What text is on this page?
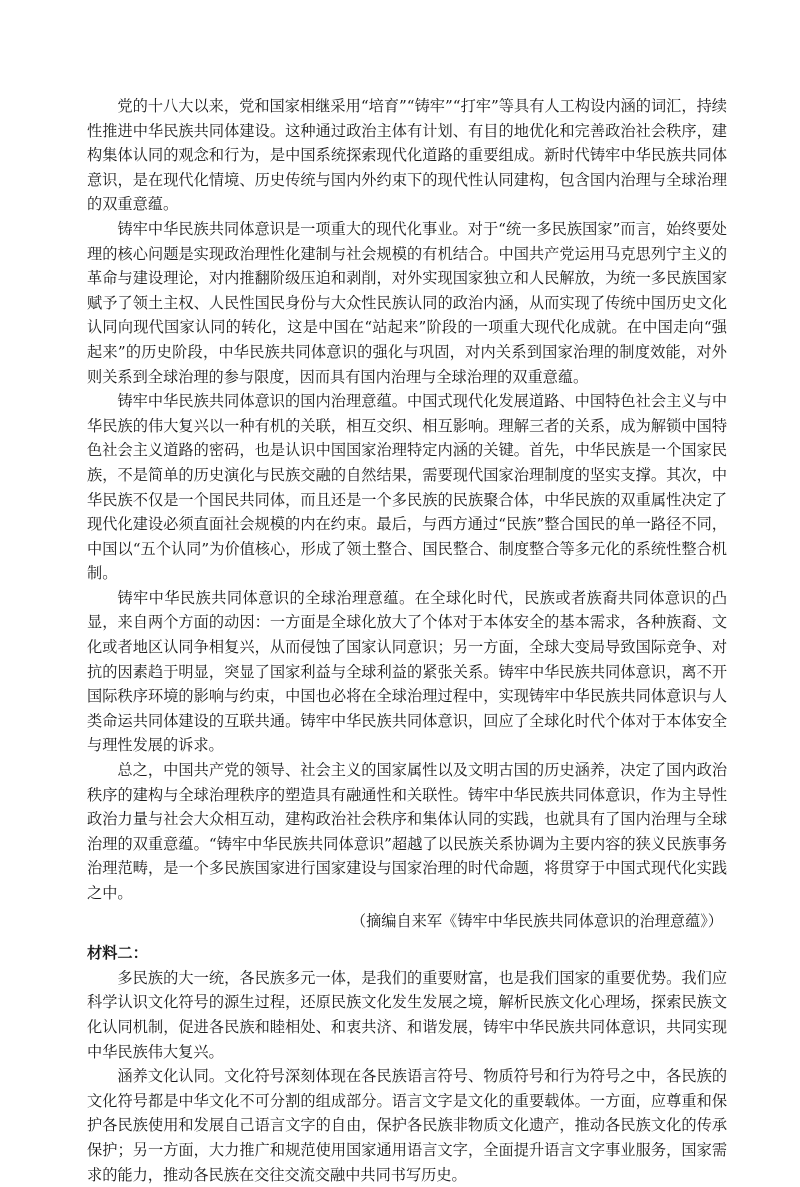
党的十八大以来，党和国家相继采用“培育”“铸牢”“打牢”等具有人工构设内涵的词汇，持续性推进中华民族共同体建设。这种通过政治主体有计划、有目的地优化和完善政治社会秩序，建构集体认同的观念和行为，是中国系统探索现代化道路的重要组成。新时代铸牢中华民族共同体意识，是在现代化情境、历史传统与国内外约束下的现代性认同建构，包含国内治理与全球治理的双重意蕴。

铸牢中华民族共同体意识是一项重大的现代化事业。对于“统一多民族国家”而言，始终要处理的核心问题是实现政治理性化建制与社会规模的有机结合。中国共产党运用马克思列宁主义的革命与建设理论，对内推翻阶级压迫和剥削，对外实现国家独立和人民解放，为统一多民族国家赋予了领土主权、人民性国民身份与大众性民族认同的政治内涵，从而实现了传统中国历史文化认同向现代国家认同的转化，这是中国在“站起来”阶段的一项重大现代化成就。在中国走向“强起来”的历史阶段，中华民族共同体意识的强化与巩固，对内关系到国家治理的制度效能，对外则关系到全球治理的参与限度，因而具有国内治理与全球治理的双重意蕴。

铸牢中华民族共同体意识的国内治理意蕴。中国式现代化发展道路、中国特色社会主义与中华民族的伟大复兴以一种有机的关联，相互交织、相互影响。理解三者的关系，成为解锁中国特色社会主义道路的密码，也是认识中国国家治理特定内涵的关键。首先，中华民族是一个国家民族，不是简单的历史演化与民族交融的自然结果，需要现代国家治理制度的坚实支撑。其次，中华民族不仅是一个国民共同体，而且还是一个多民族的民族聚合体，中华民族的双重属性决定了现代化建设必须直面社会规模的内在约束。最后，与西方通过“民族”整合国民的单一路径不同，中国以“五个认同”为价值核心，形成了领土整合、国民整合、制度整合等多元化的系统性整合机制。

铸牢中华民族共同体意识的全球治理意蕴。在全球化时代，民族或者族裔共同体意识的凸显，来自两个方面的动因：一方面是全球化放大了个体对于本体安全的基本需求，各种族裔、文化或者地区认同争相复兴，从而侵蚀了国家认同意识；另一方面，全球大变局导致国际竞争、对抗的因素趋于明显，突显了国家利益与全球利益的紧张关系。铸牢中华民族共同体意识，离不开国际秩序环境的影响与约束，中国也必将在全球治理过程中，实现铸牢中华民族共同体意识与人类命运共同体建设的互联共通。铸牢中华民族共同体意识，回应了全球化时代个体对于本体安全与理性发展的诉求。

总之，中国共产党的领导、社会主义的国家属性以及文明古国的历史涵养，决定了国内政治秩序的建构与全球治理秩序的塑造具有融通性和关联性。铸牢中华民族共同体意识，作为主导性政治力量与社会大众相互动，建构政治社会秩序和集体认同的实践，也就具有了国内治理与全球治理的双重意蕴。“铸牢中华民族共同体意识”超越了以民族关系协调为主要内容的狭义民族事务治理范畴，是一个多民族国家进行国家建设与国家治理的时代命题，将贯穿于中国式现代化实践之中。

（摘编自来军《铸牢中华民族共同体意识的治理意蕴》）

材料二：

多民族的大一统，各民族多元一体，是我们的重要财富，也是我们国家的重要优势。我们应科学认识文化符号的源生过程，还原民族文化发生发展之境，解析民族文化心理场，探索民族文化认同机制，促进各民族和睦相处、和衷共济、和谐发展，铸牢中华民族共同体意识，共同实现中华民族伟大复兴。

涵养文化认同。文化符号深刻体现在各民族语言符号、物质符号和行为符号之中，各民族的文化符号都是中华文化不可分割的组成部分。语言文字是文化的重要载体。一方面，应尊重和保护各民族使用和发展自己语言文字的自由，保护各民族非物质文化遗产，推动各民族文化的传承保护；另一方面，大力推广和规范使用国家通用语言文字，全面提升语言文字事业服务，国家需求的能力，推动各民族在交往交流交融中共同书写历史。
